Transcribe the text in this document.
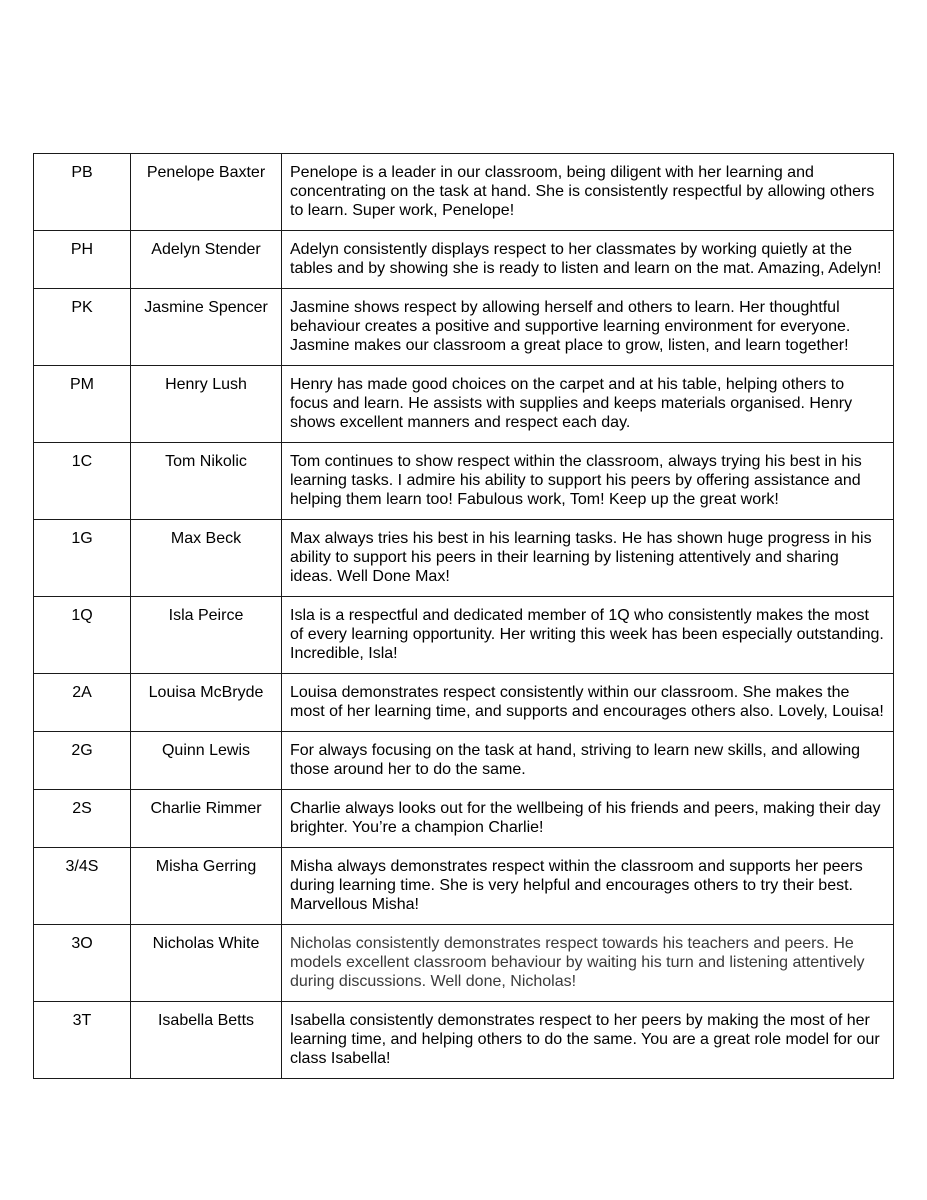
PB	Penelope Baxter	Penelope is a leader in our classroom, being diligent with her learning and concentrating on the task at hand. She is consistently respectful by allowing others to learn. Super work, Penelope!
PH	Adelyn Stender	Adelyn consistently displays respect to her classmates by working quietly at the tables and by showing she is ready to listen and learn on the mat. Amazing, Adelyn!
PK	Jasmine Spencer	Jasmine shows respect by allowing herself and others to learn. Her thoughtful behaviour creates a positive and supportive learning environment for everyone. Jasmine makes our classroom a great place to grow, listen, and learn together!
PM	Henry Lush	Henry has made good choices on the carpet and at his table, helping others to focus and learn. He assists with supplies and keeps materials organised. Henry shows excellent manners and respect each day.
1C	Tom Nikolic	Tom continues to show respect within the classroom, always trying his best in his learning tasks. I admire his ability to support his peers by offering assistance and helping them learn too! Fabulous work, Tom! Keep up the great work!
1G	Max Beck	Max always tries his best in his learning tasks. He has shown huge progress in his ability to support his peers in their learning by listening attentively and sharing ideas. Well Done Max!
1Q	Isla Peirce	Isla is a respectful and dedicated member of 1Q who consistently makes the most of every learning opportunity. Her writing this week has been especially outstanding. Incredible, Isla!
2A	Louisa McBryde	Louisa demonstrates respect consistently within our classroom. She makes the most of her learning time, and supports and encourages others also. Lovely, Louisa!
2G	Quinn Lewis	For always focusing on the task at hand, striving to learn new skills, and allowing those around her to do the same.
2S	Charlie Rimmer	Charlie always looks out for the wellbeing of his friends and peers, making their day brighter. You’re a champion Charlie!
3/4S	Misha Gerring	Misha always demonstrates respect within the classroom and supports her peers during learning time. She is very helpful and encourages others to try their best. Marvellous Misha!
3O	Nicholas White	Nicholas consistently demonstrates respect towards his teachers and peers. He models excellent classroom behaviour by waiting his turn and listening attentively during discussions. Well done, Nicholas!
3T	Isabella Betts	Isabella consistently demonstrates respect to her peers by making the most of her learning time, and helping others to do the same. You are a great role model for our class Isabella!
